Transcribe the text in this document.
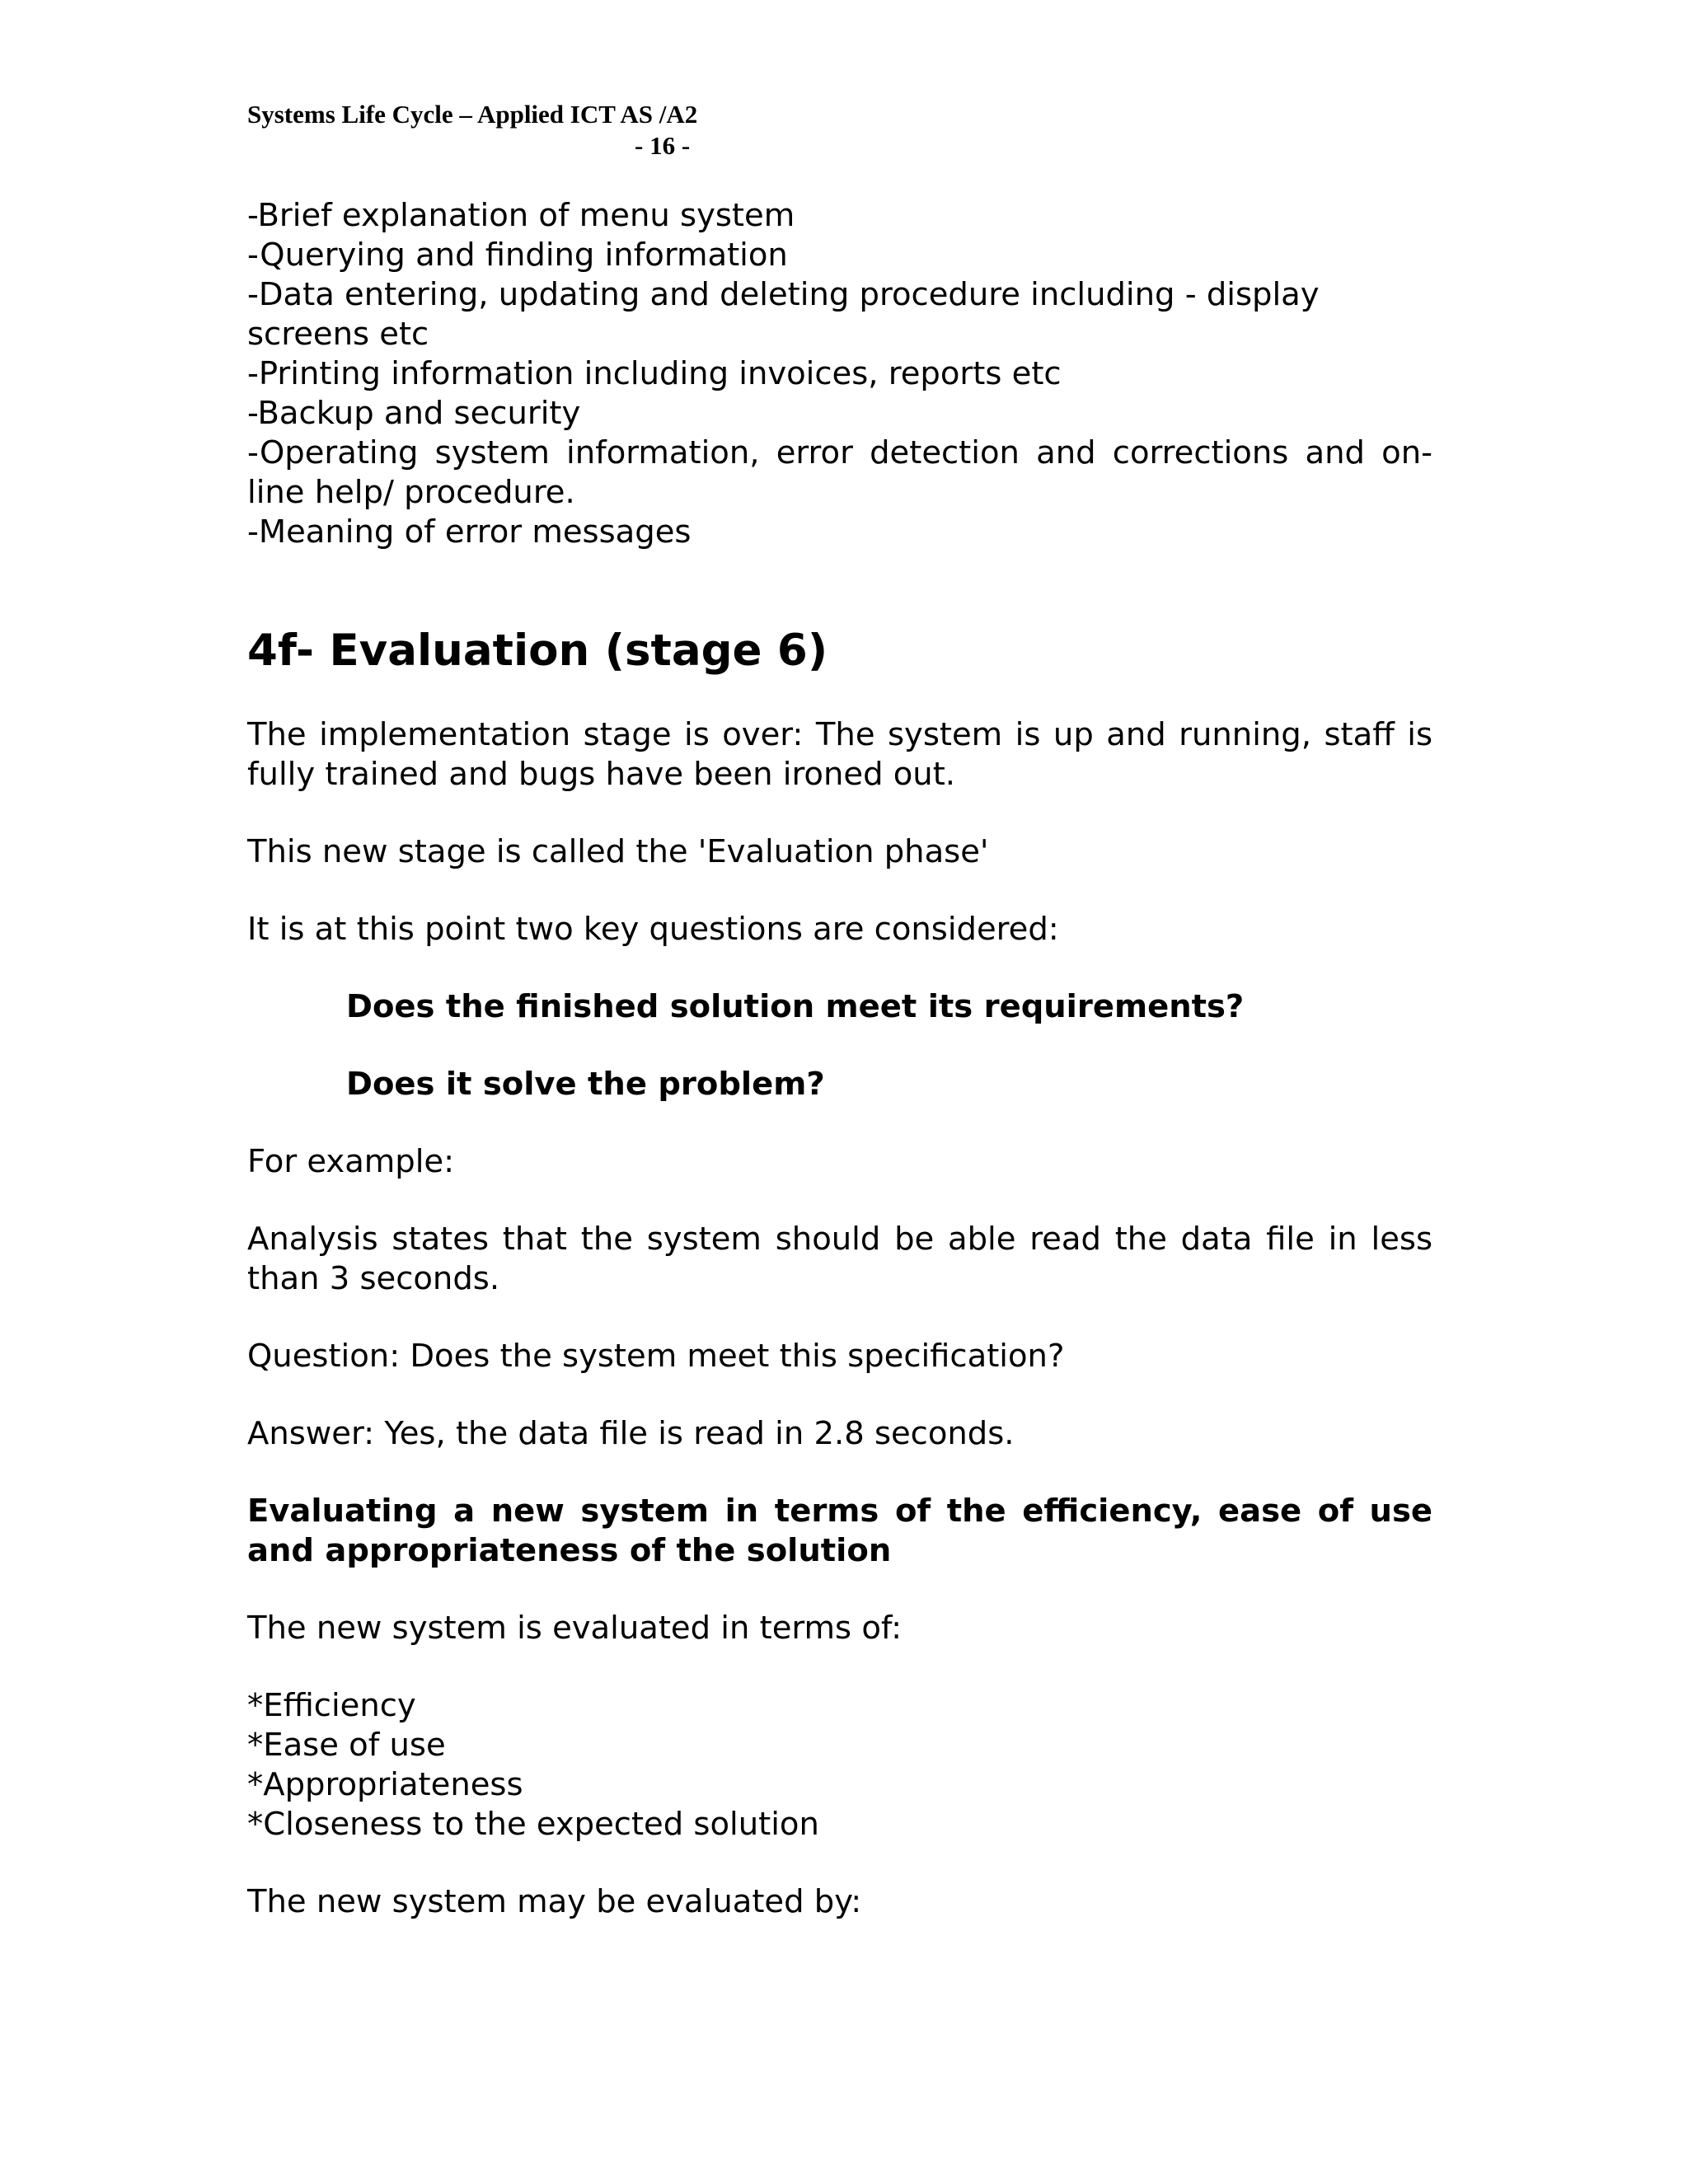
Systems Life Cycle – Applied ICT AS /A2
- 16 -
-Brief explanation of menu system
-Querying and finding information
-Data entering, updating and deleting procedure including - display screens etc
-Printing information including invoices, reports etc
-Backup and security
-Operating system information, error detection and corrections and on-line help/ procedure.
-Meaning of error messages
4f- Evaluation (stage 6)

The implementation stage is over: The system is up and running, staff is fully trained and bugs have been ironed out.

This new stage is called the 'Evaluation phase'

It is at this point two key questions are considered:

Does the finished solution meet its requirements?
Does it solve the problem?

For example:

Analysis states that the system should be able read the data file in less than 3 seconds.

Question: Does the system meet this specification?

Answer: Yes, the data file is read in 2.8 seconds.

Evaluating a new system in terms of the efficiency, ease of use and appropriateness of the solution

The new system is evaluated in terms of:

*Efficiency
*Ease of use
*Appropriateness
*Closeness to the expected solution

The new system may be evaluated by:
